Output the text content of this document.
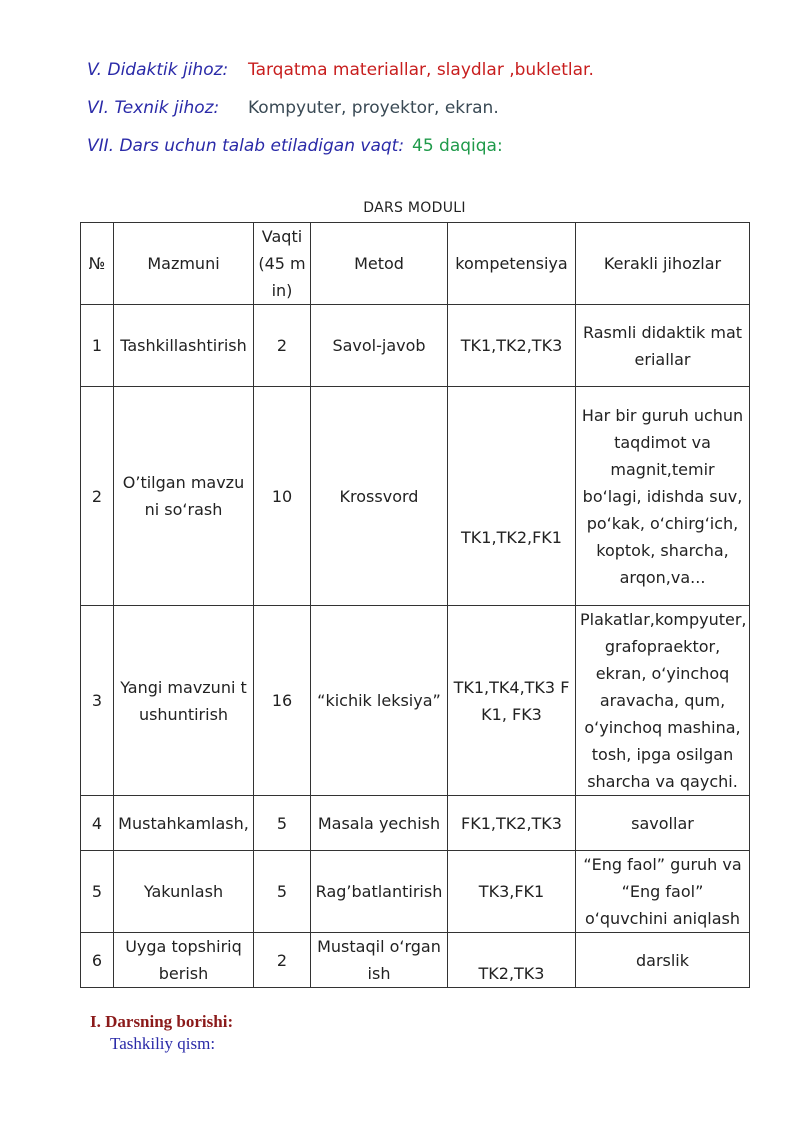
V. Didaktik jihoz: Tarqatma materiallar, slaydlar ,bukletlar.
VI. Texnik jihoz: Kompyuter, proyektor, ekran.
VII. Dars uchun talab etiladigan vaqt: 45 daqiqa:
DARS MODULI
№	Mazmuni	Vaqti (45 min)	Metod	kompetensiya	Kerakli jihozlar
1	Tashkillashtirish	2	Savol-javob	TK1,TK2,TK3	Rasmli didaktik materiallar
2	O’tilgan mavzuni so‘rash	10	Krossvord	TK1,TK2,FK1	Har bir guruh uchun taqdimot va magnit,temir bo‘lagi, idishda suv, po‘kak, o‘chirg‘ich, koptok, sharcha, arqon,va...
3	Yangi mavzuni tushuntirish	16	“kichik leksiya”	TK1,TK4,TK3 FK1, FK3	Plakatlar,kompyuter, grafopraektor, ekran, o‘yinchoq aravacha, qum, o‘yinchoq mashina, tosh, ipga osilgan sharcha va qaychi.
4	Mustahkamlash,	5	Masala yechish	FK1,TK2,TK3	savollar
5	Yakunlash	5	Rag’batlantirish	TK3,FK1	“Eng faol” guruh va “Eng faol” o‘quvchini aniqlash
6	Uyga topshiriq berish	2	Mustaqil o‘rganish	TK2,TK3	darslik
I. Darsning borishi:
Tashkiliy qism:
